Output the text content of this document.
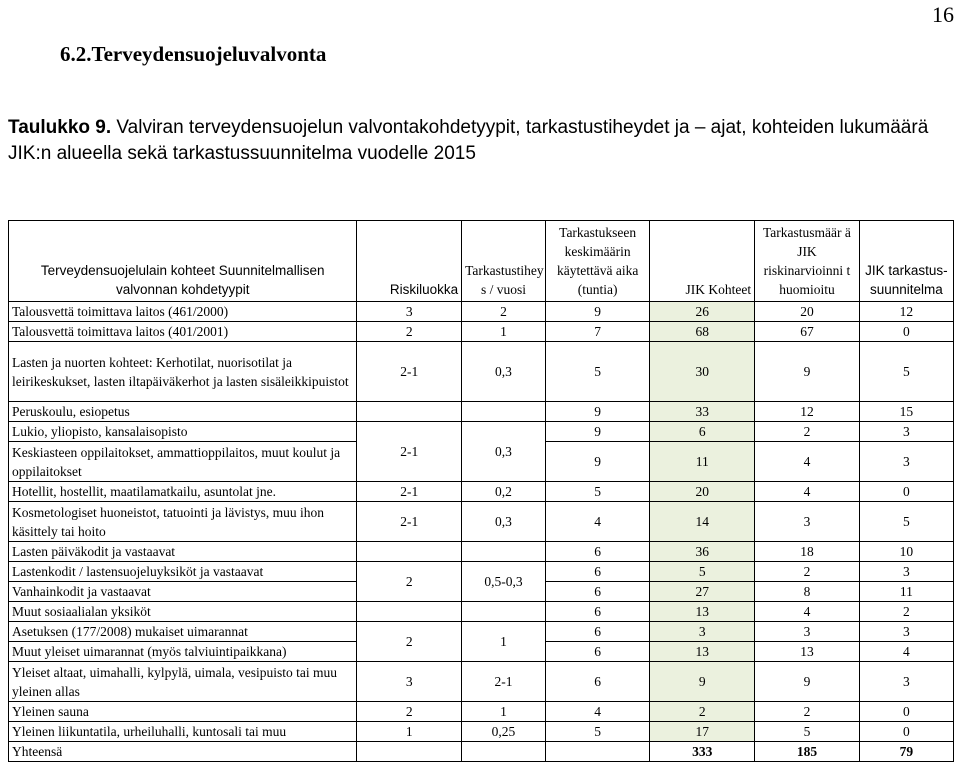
16
6.2.Terveydensuojeluvalvonta

Taulukko 9. Valviran terveydensuojelun valvontakohdetyypit, tarkastustiheydet ja – ajat, kohteiden lukumäärä JIK:n alueella sekä tarkastussuunnitelma vuodelle 2015

Terveydensuojelulain kohteet Suunnitelmallisen valvonnan kohdetyypit	Riskiluokka	Tarkastustihey s / vuosi	Tarkastukseen keskimäärin käytettävä aika (tuntia)	JIK Kohteet	Tarkastusmäär ä JIK riskinarvioinni t huomioitu	JIK tarkastus-suunnitelma
Talousvettä toimittava laitos (461/2000)	3	2	9	26	20	12
Talousvettä toimittava laitos (401/2001)	2	1	7	68	67	0
Lasten ja nuorten kohteet: Kerhotilat, nuorisotilat ja leirikeskukset, lasten iltapäiväkerhot ja lasten sisäleikkipuistot	2-1	0,3	5	30	9	5
Peruskoulu, esiopetus			9	33	12	15
Lukio, yliopisto, kansalaisopisto	2-1	0,3	9	6	2	3
Keskiasteen oppilaitokset, ammattioppilaitos, muut koulut ja oppilaitokset			9	11	4	3
Hotellit, hostellit, maatilamatkailu, asuntolat jne.	2-1	0,2	5	20	4	0
Kosmetologiset huoneistot, tatuointi ja lävistys, muu ihon käsittely tai hoito	2-1	0,3	4	14	3	5
Lasten päiväkodit ja vastaavat			6	36	18	10
Lastenkodit / lastensuojeluyksiköt ja vastaavat	2	0,5-0,3	6	5	2	3
Vanhainkodit ja vastaavat			6	27	8	11
Muut sosiaalialan yksiköt			6	13	4	2
Asetuksen (177/2008) mukaiset uimarannat	2	1	6	3	3	3
Muut yleiset uimarannat (myös talviuintipaikkana)			6	13	13	4
Yleiset altaat, uimahalli, kylpylä, uimala, vesipuisto tai muu yleinen allas	3	2-1	6	9	9	3
Yleinen sauna	2	1	4	2	2	0
Yleinen liikuntatila, urheiluhalli, kuntosali tai muu	1	0,25	5	17	5	0
Yhteensä				333	185	79
